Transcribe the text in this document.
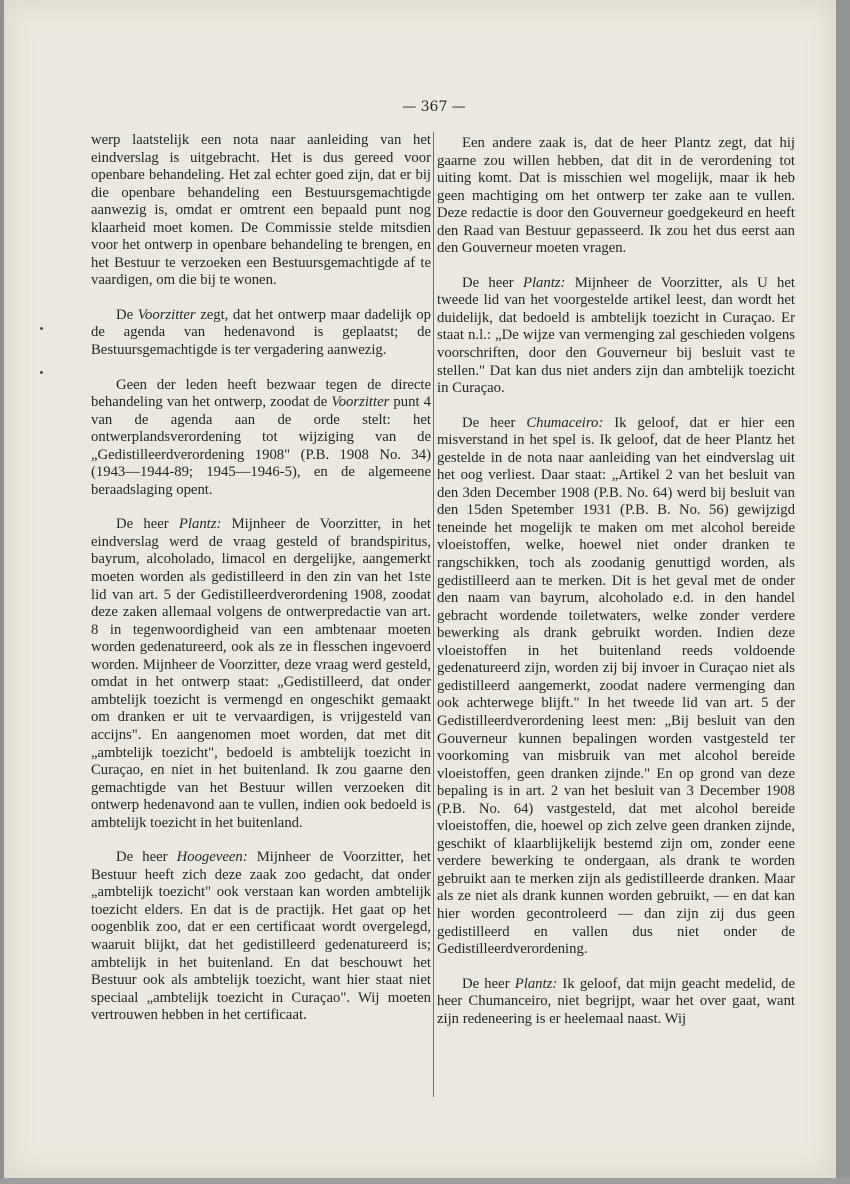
— 367 —

werp laatstelijk een nota naar aanleiding van het eindverslag is uitgebracht. Het is dus gereed voor openbare behandeling. Het zal echter goed zijn, dat er bij die openbare behandeling een Bestuursgemachtigde aanwezig is, omdat er omtrent een bepaald punt nog klaarheid moet komen. De Commissie stelde mitsdien voor het ontwerp in openbare behandeling te brengen, en het Bestuur te verzoeken een Bestuursgemachtigde af te vaardigen, om die bij te wonen.

De Voorzitter zegt, dat het ontwerp maar dadelijk op de agenda van hedenavond is geplaatst; de Bestuursgemachtigde is ter vergadering aanwezig.

Geen der leden heeft bezwaar tegen de directe behandeling van het ontwerp, zoodat de Voorzitter punt 4 van de agenda aan de orde stelt: het ontwerplandsverordening tot wijziging van de „Gedistilleerdverordening 1908" (P.B. 1908 No. 34) (1943—1944-89; 1945—1946-5), en de algemeene beraadslaging opent.

De heer Plantz: Mijnheer de Voorzitter, in het eindverslag werd de vraag gesteld of brandspiritus, bayrum, alcoholado, limacol en dergelijke, aangemerkt moeten worden als gedistilleerd in den zin van het 1ste lid van art. 5 der Gedistilleerdverordening 1908, zoodat deze zaken allemaal volgens de ontwerpredactie van art. 8 in tegenwoordigheid van een ambtenaar moeten worden gedenatureerd, ook als ze in flesschen ingevoerd worden. Mijnheer de Voorzitter, deze vraag werd gesteld, omdat in het ontwerp staat: „Gedistilleerd, dat onder ambtelijk toezicht is vermengd en ongeschikt gemaakt om dranken er uit te vervaardigen, is vrijgesteld van accijns". En aangenomen moet worden, dat met dit „ambtelijk toezicht", bedoeld is ambtelijk toezicht in Curaçao, en niet in het buitenland. Ik zou gaarne den gemachtigde van het Bestuur willen verzoeken dit ontwerp hedenavond aan te vullen, indien ook bedoeld is ambtelijk toezicht in het buitenland.

De heer Hoogeveen: Mijnheer de Voorzitter, het Bestuur heeft zich deze zaak zoo gedacht, dat onder „ambtelijk toezicht" ook verstaan kan worden ambtelijk toezicht elders. En dat is de practijk. Het gaat op het oogenblik zoo, dat er een certificaat wordt overgelegd, waaruit blijkt, dat het gedistilleerd gedenatureerd is; ambtelijk in het buitenland. En dat beschouwt het Bestuur ook als ambtelijk toezicht, want hier staat niet speciaal „ambtelijk toezicht in Curaçao". Wij moeten vertrouwen hebben in het certificaat.

Een andere zaak is, dat de heer Plantz zegt, dat hij gaarne zou willen hebben, dat dit in de verordening tot uiting komt. Dat is misschien wel mogelijk, maar ik heb geen machtiging om het ontwerp ter zake aan te vullen. Deze redactie is door den Gouverneur goedgekeurd en heeft den Raad van Bestuur gepasseerd. Ik zou het dus eerst aan den Gouverneur moeten vragen.

De heer Plantz: Mijnheer de Voorzitter, als U het tweede lid van het voorgestelde artikel leest, dan wordt het duidelijk, dat bedoeld is ambtelijk toezicht in Curaçao. Er staat n.l.: „De wijze van vermenging zal geschieden volgens voorschriften, door den Gouverneur bij besluit vast te stellen." Dat kan dus niet anders zijn dan ambtelijk toezicht in Curaçao.

De heer Chumaceiro: Ik geloof, dat er hier een misverstand in het spel is. Ik geloof, dat de heer Plantz het gestelde in de nota naar aanleiding van het eindverslag uit het oog verliest. Daar staat: „Artikel 2 van het besluit van den 3den December 1908 (P.B. No. 64) werd bij besluit van den 15den Spetember 1931 (P.B. B. No. 56) gewijzigd teneinde het mogelijk te maken om met alcohol bereide vloeistoffen, welke, hoewel niet onder dranken te rangschikken, toch als zoodanig genuttigd worden, als gedistilleerd aan te merken. Dit is het geval met de onder den naam van bayrum, alcoholado e.d. in den handel gebracht wordende toiletwaters, welke zonder verdere bewerking als drank gebruikt worden. Indien deze vloeistoffen in het buitenland reeds voldoende gedenatureerd zijn, worden zij bij invoer in Curaçao niet als gedistilleerd aangemerkt, zoodat nadere vermenging dan ook achterwege blijft." In het tweede lid van art. 5 der Gedistilleerdverordening leest men: „Bij besluit van den Gouverneur kunnen bepalingen worden vastgesteld ter voorkoming van misbruik van met alcohol bereide vloeistoffen, geen dranken zijnde." En op grond van deze bepaling is in art. 2 van het besluit van 3 December 1908 (P.B. No. 64) vastgesteld, dat met alcohol bereide vloeistoffen, die, hoewel op zich zelve geen dranken zijnde, geschikt of klaarblijkelijk bestemd zijn om, zonder eene verdere bewerking te ondergaan, als drank te worden gebruikt aan te merken zijn als gedistilleerde dranken. Maar als ze niet als drank kunnen worden gebruikt, — en dat kan hier worden gecontroleerd — dan zijn zij dus geen gedistilleerd en vallen dus niet onder de Gedistilleerdverordening.

De heer Plantz: Ik geloof, dat mijn geacht medelid, de heer Chumanceiro, niet begrijpt, waar het over gaat, want zijn redeneering is er heelemaal naast. Wij
